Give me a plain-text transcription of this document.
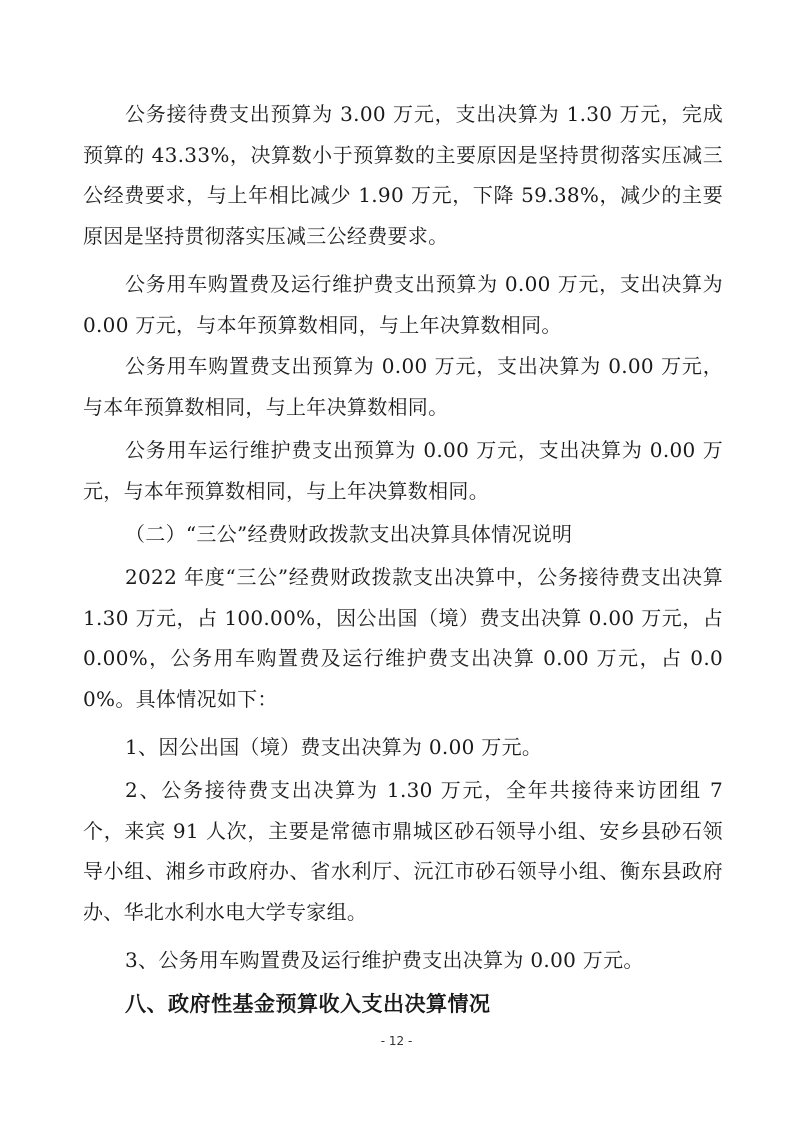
公务接待费支出预算为 3.00 万元，支出决算为 1.30 万元，完成预算的 43.33%，决算数小于预算数的主要原因是坚持贯彻落实压减三公经费要求，与上年相比减少 1.90 万元，下降 59.38%，减少的主要原因是坚持贯彻落实压减三公经费要求。

公务用车购置费及运行维护费支出预算为 0.00 万元，支出决算为 0.00 万元，与本年预算数相同，与上年决算数相同。

公务用车购置费支出预算为 0.00 万元，支出决算为 0.00 万元，与本年预算数相同，与上年决算数相同。

公务用车运行维护费支出预算为 0.00 万元，支出决算为 0.00 万元，与本年预算数相同，与上年决算数相同。

（二）“三公”经费财政拨款支出决算具体情况说明

2022 年度“三公”经费财政拨款支出决算中，公务接待费支出决算 1.30 万元，占 100.00%，因公出国（境）费支出决算 0.00 万元，占 0.00%，公务用车购置费及运行维护费支出决算 0.00 万元，占 0.00%。具体情况如下：

1、因公出国（境）费支出决算为 0.00 万元。

2、公务接待费支出决算为 1.30 万元，全年共接待来访团组 7 个，来宾 91 人次，主要是常德市鼎城区砂石领导小组、安乡县砂石领导小组、湘乡市政府办、省水利厅、沅江市砂石领导小组、衡东县政府办、华北水利水电大学专家组。

3、公务用车购置费及运行维护费支出决算为 0.00 万元。

八、政府性基金预算收入支出决算情况
- 12 -
